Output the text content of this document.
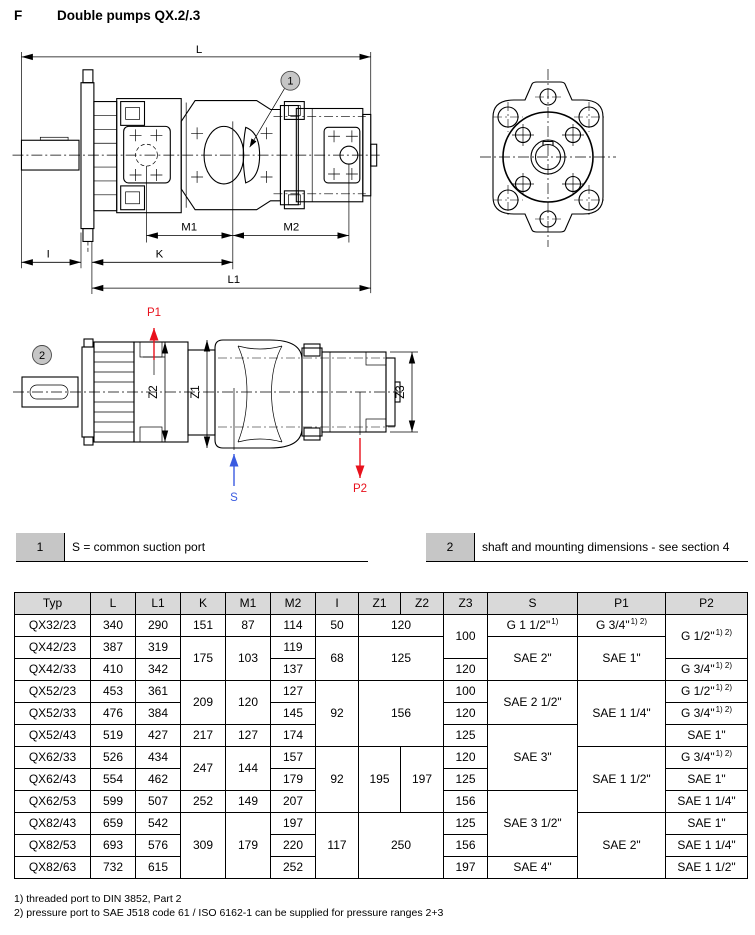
F	Double pumps QX.2/.3
L
M1	M2
K
I
L1
1
Z2	Z1	Z3
P1
S
P2
2
1	S = common suction port	2	shaft and mounting dimensions - see section 4
Typ	L	L1	K	M1	M2	I	Z1	Z2	Z3	S	P1	P2
QX32/23	340	290	151	87	114	50	120		100	G 1 1/2"$^{1)}$	G 3/4"$^{1) 2)}$	G 1/2"$^{1) 2)}$
QX42/23	387	319	175	103	119	68	125			SAE 2"	SAE 1"	
QX42/33	410	342			137				120			G 3/4"$^{1) 2)}$
QX52/23	453	361	209	120	127	92	156		100	SAE 2 1/2"	SAE 1 1/4"	G 1/2"$^{1) 2)}$
QX52/33	476	384			145				120			G 3/4"$^{1) 2)}$
QX52/43	519	427	217	127	174				125	SAE 3"		SAE 1"
QX62/33	526	434	247	144	157	92	195	197	120		SAE 1 1/2"	G 3/4"$^{1) 2)}$
QX62/43	554	462			179				125			SAE 1"
QX62/53	599	507	252	149	207				156	SAE 3 1/2"		SAE 1 1/4"
QX82/43	659	542	309	179	197	117	250		125		SAE 2"	SAE 1"
QX82/53	693	576			220				156			SAE 1 1/4"
QX82/63	732	615			252				197	SAE 4"		SAE 1 1/2"
1) threaded port to DIN 3852, Part 2
2) pressure port to SAE J518 code 61 / ISO 6162-1 can be supplied for pressure ranges 2+3
